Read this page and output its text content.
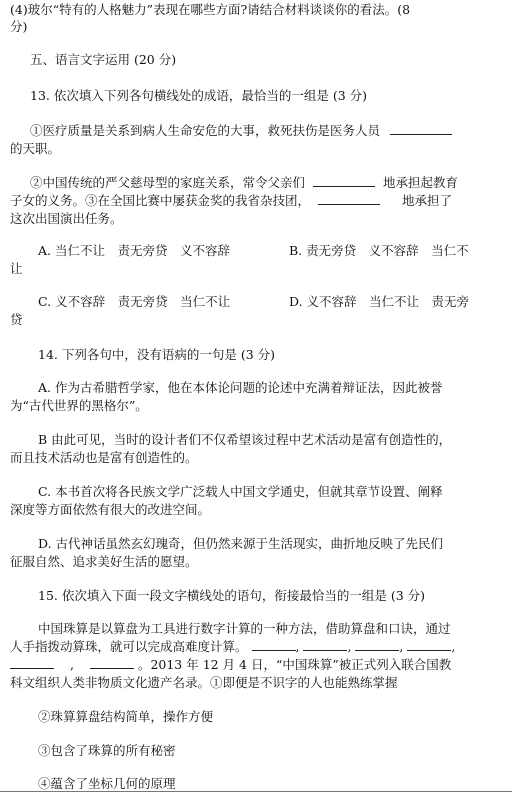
(4)玻尔“特有的人格魅力”表现在哪些方面?请结合材料谈谈你的看法。(8
分)
五、语言文字运用 (20 分)
13. 依次填入下列各句横线处的成语，最恰当的一组是 (3 分)
①医疗质量是关系到病人生命安危的大事，救死扶伤是医务人员
的天职。
②中国传统的严父慈母型的家庭关系，常令父亲们	地承担起教育
子女的义务。③在全国比赛中屡获金奖的我省杂技团，	地承担了
这次出国演出任务。
A. 当仁不让　责无旁贷　义不容辞	B. 责无旁贷　义不容辞　当仁不
让
C. 义不容辞　责无旁贷　当仁不让	D. 义不容辞　当仁不让　责无旁
贷
14. 下列各句中，没有语病的一句是 (3 分)
A. 作为古希腊哲学家，他在本体论问题的论述中充满着辩证法，因此被誉
为“古代世界的黑格尔”。
B 由此可见，当时的设计者们不仅希望该过程中艺术活动是富有创造性的，
而且技术活动也是富有创造性的。
C. 本书首次将各民族文学广泛载人中国文学通史，但就其章节设置、阐释
深度等方面依然有很大的改进空间。
D. 古代神话虽然玄幻瑰奇，但仍然来源于生活现实，曲折地反映了先民们
征服自然、追求美好生活的愿望。
15. 依次填入下面一段文字横线处的语句，衔接最恰当的一组是 (3 分)
中国珠算是以算盘为工具进行数字计算的一种方法，借助算盘和口诀，通过
人手指拨动算珠，就可以完成高难度计算。	,	,	,	,
,	。2013 年 12 月 4 日，“中国珠算”被正式列入联合国教
科文组织人类非物质文化遗产名录。①即便是不识字的人也能熟练掌握
②珠算算盘结构简单，操作方便
③包含了珠算的所有秘密
④蕴含了坐标几何的原理
